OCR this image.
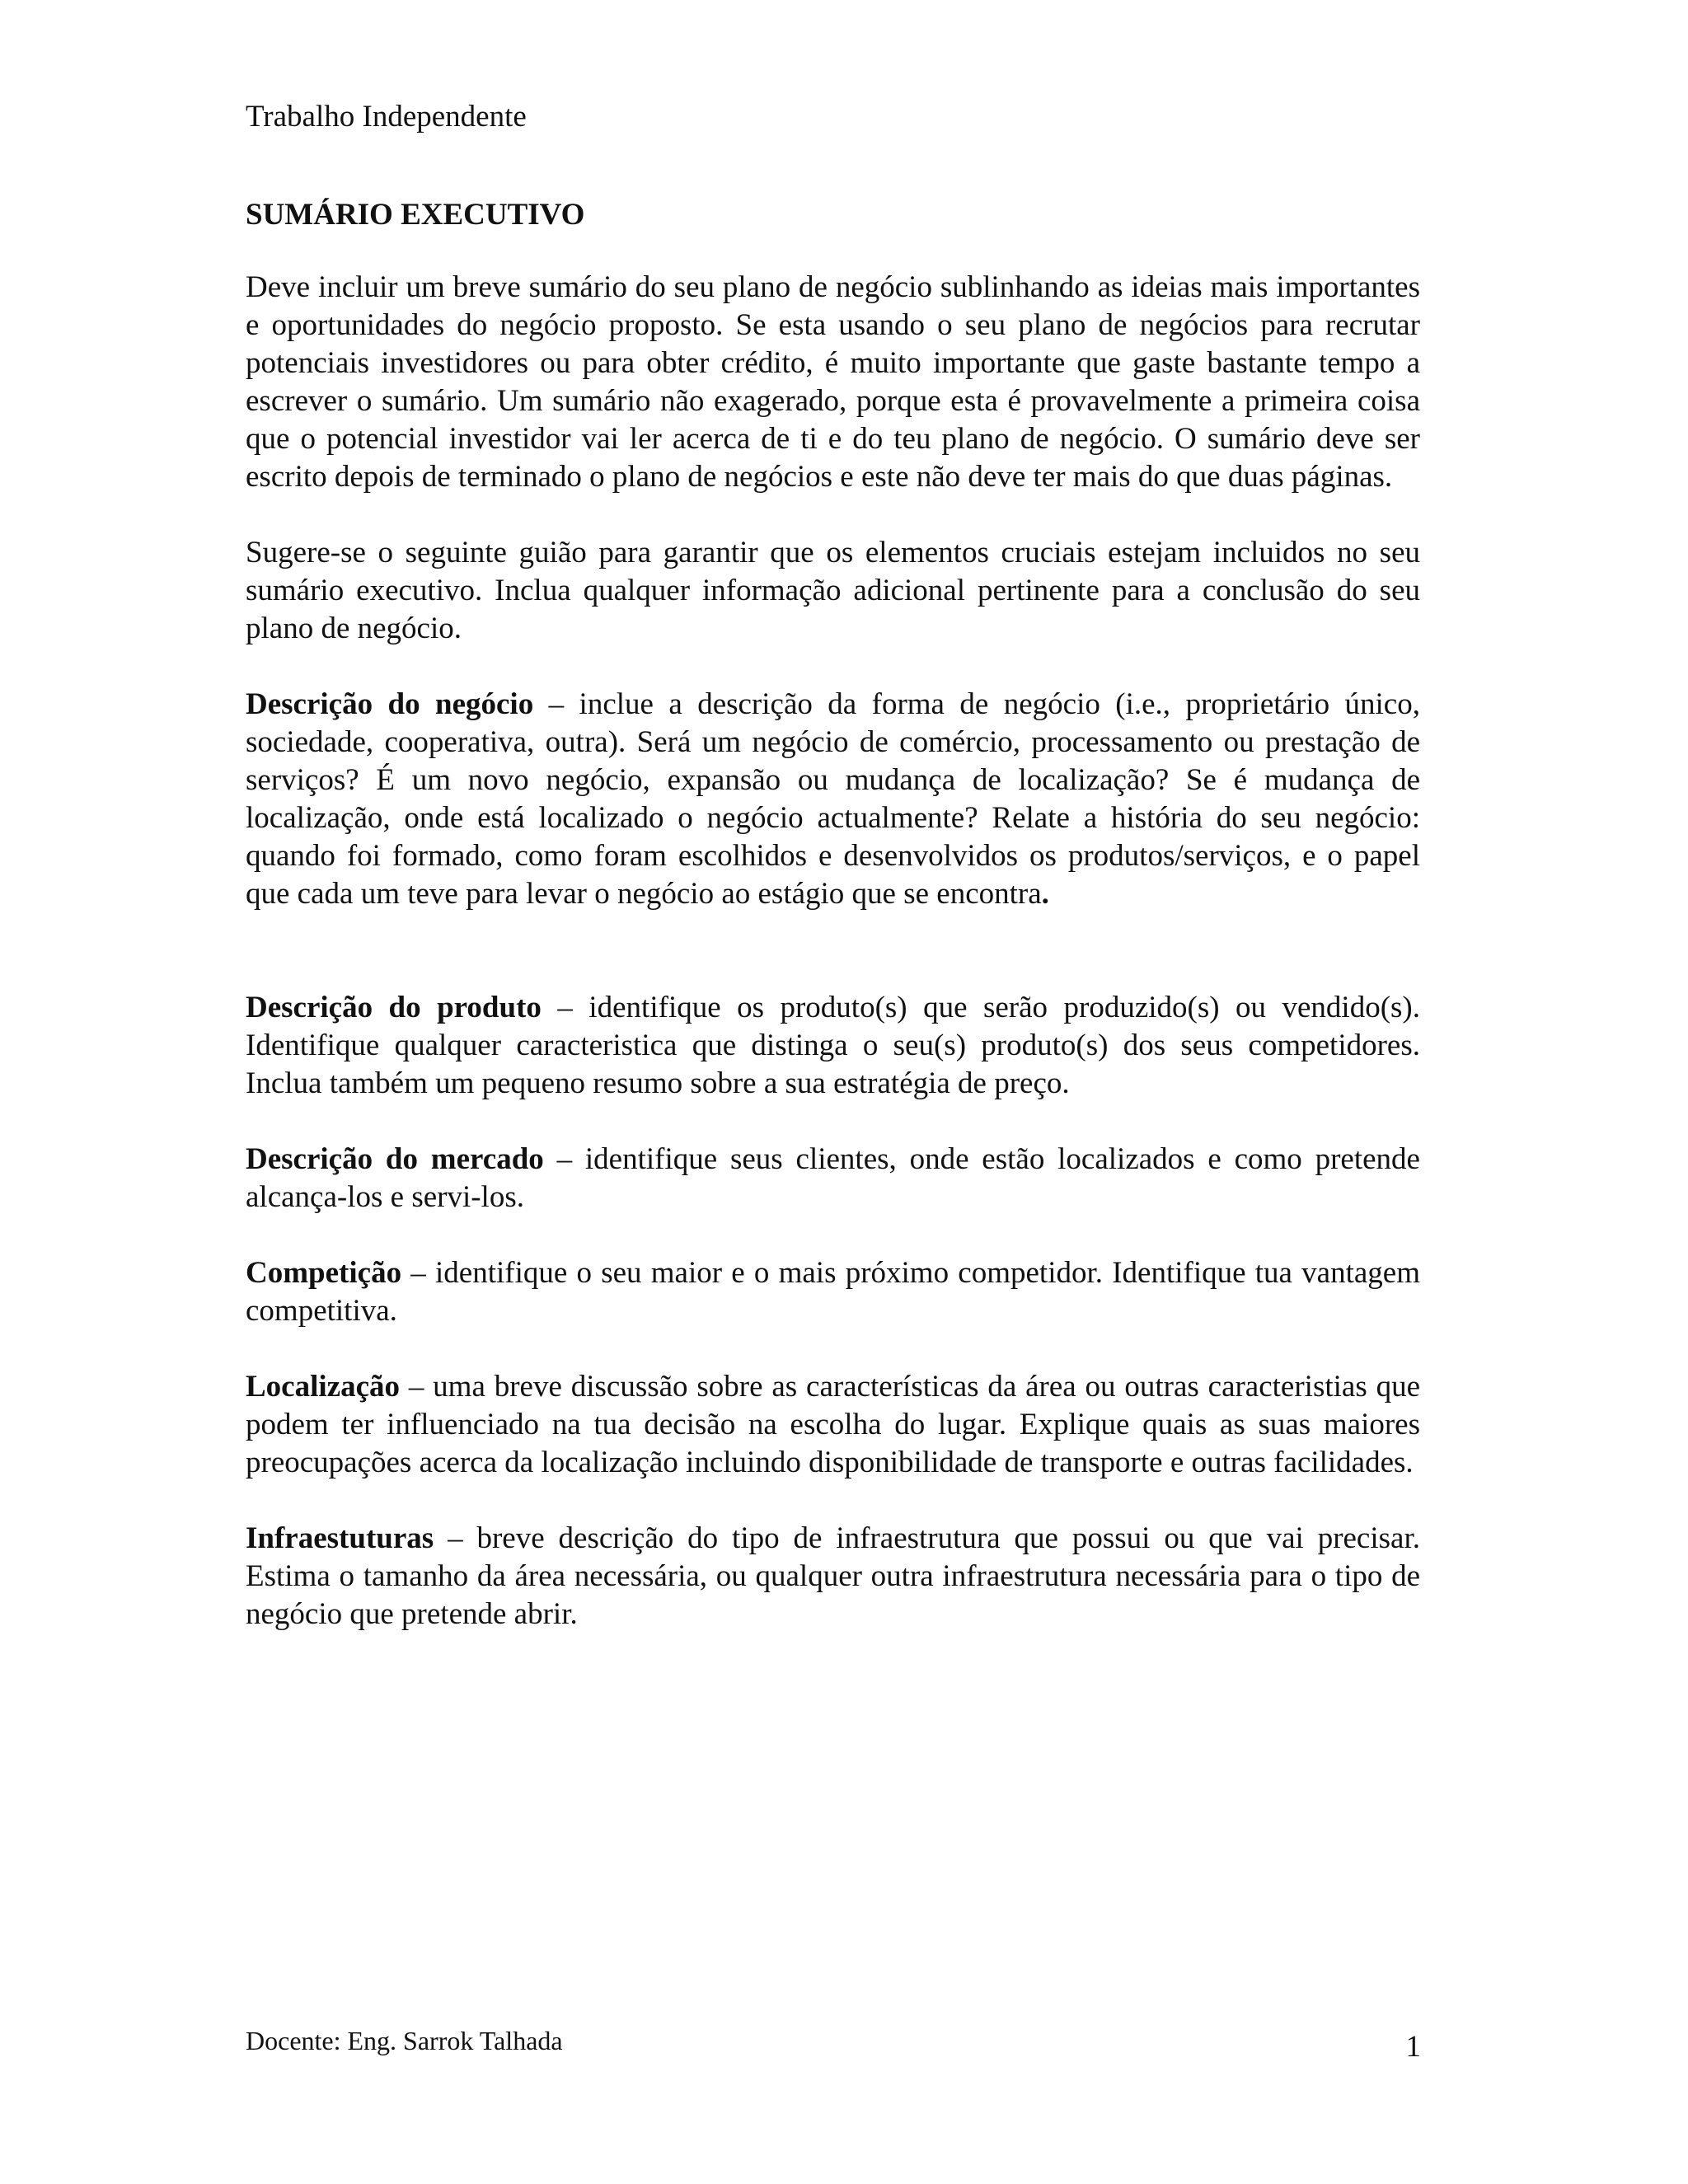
Trabalho Independente
SUMÁRIO EXECUTIVO

Deve incluir um breve sumário do seu plano de negócio sublinhando as ideias mais importantes e oportunidades do negócio proposto. Se esta usando o seu plano de negócios para recrutar potenciais investidores ou para obter crédito, é muito importante que gaste bastante tempo a escrever o sumário. Um sumário não exagerado, porque esta é provavelmente a primeira coisa que o potencial investidor vai ler acerca de ti e do teu plano de negócio. O sumário deve ser escrito depois de terminado o plano de negócios e este não deve ter mais do que duas páginas.

Sugere-se o seguinte guião para garantir que os elementos cruciais estejam incluidos no seu sumário executivo. Inclua qualquer informação adicional pertinente para a conclusão do seu plano de negócio.

Descrição do negócio – inclue a descrição da forma de negócio (i.e., proprietário único, sociedade, cooperativa, outra). Será um negócio de comércio, processamento ou prestação de serviços? É um novo negócio, expansão ou mudança de localização? Se é mudança de localização, onde está localizado o negócio actualmente? Relate a história do seu negócio: quando foi formado, como foram escolhidos e desenvolvidos os produtos/serviços, e o papel que cada um teve para levar o negócio ao estágio que se encontra.

Descrição do produto – identifique os produto(s) que serão produzido(s) ou vendido(s). Identifique qualquer caracteristica que distinga o seu(s) produto(s) dos seus competidores. Inclua também um pequeno resumo sobre a sua estratégia de preço.

Descrição do mercado – identifique seus clientes, onde estão localizados e como pretende alcança-los e servi-los.

Competição – identifique o seu maior e o mais próximo competidor. Identifique tua vantagem competitiva.

Localização – uma breve discussão sobre as características da área ou outras caracteristias que podem ter influenciado na tua decisão na escolha do lugar. Explique quais as suas maiores preocupações acerca da localização incluindo disponibilidade de transporte e outras facilidades.

Infraestuturas – breve descrição do tipo de infraestrutura que possui ou que vai precisar. Estima o tamanho da área necessária, ou qualquer outra infraestrutura necessária para o tipo de negócio que pretende abrir.

Docente: Eng. Sarrok Talhada	1
